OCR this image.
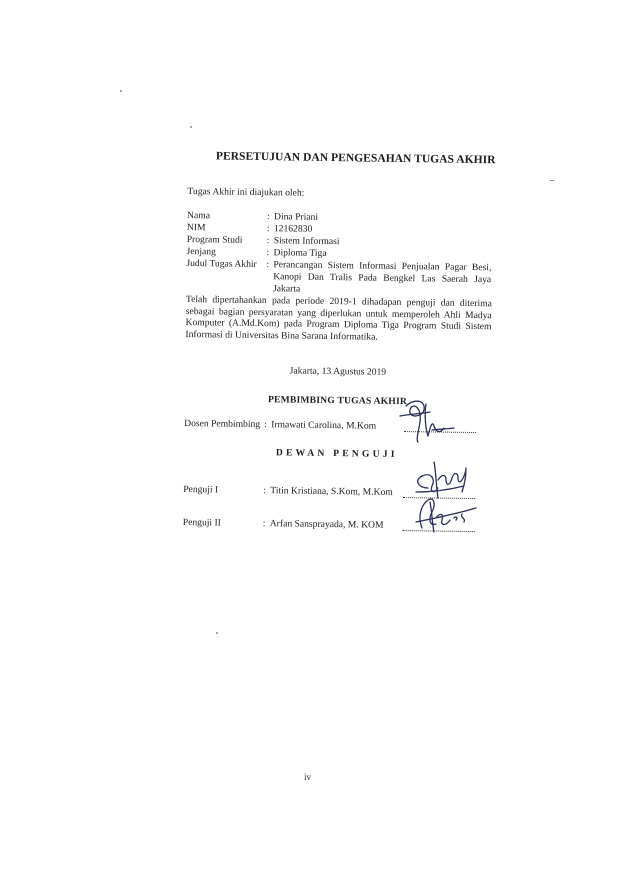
PERSETUJUAN DAN PENGESAHAN TUGAS AKHIR
Tugas Akhir ini diajukan oleh:
Nama	: Dina Priani
NIM	: 12162830
Program Studi	: Sistem Informasi
Jenjang	: Diploma Tiga
Judul Tugas Akhir : Perancangan Sistem Informasi Penjualan Pagar Besi, Kanopi Dan Tralis Pada Bengkel Las Saerah Jaya Jakarta
Telah dipertahankan pada periode 2019-1 dihadapan penguji dan diterima sebagai bagian persyaratan yang diperlukan untuk memperoleh Ahli Madya Komputer (A.Md.Kom) pada Program Diploma Tiga Program Studi Sistem Informasi di Universitas Bina Sarana Informatika.
Jakarta, 13 Agustus 2019
PEMBIMBING TUGAS AKHIR
Dosen Pembimbing : Irmawati Carolina, M.Kom
DEWAN PENGUJI
Penguji I	: Titin Kristiana, S.Kom, M.Kom
Penguji II	: Arfan Sansprayada, M. KOM
iv
